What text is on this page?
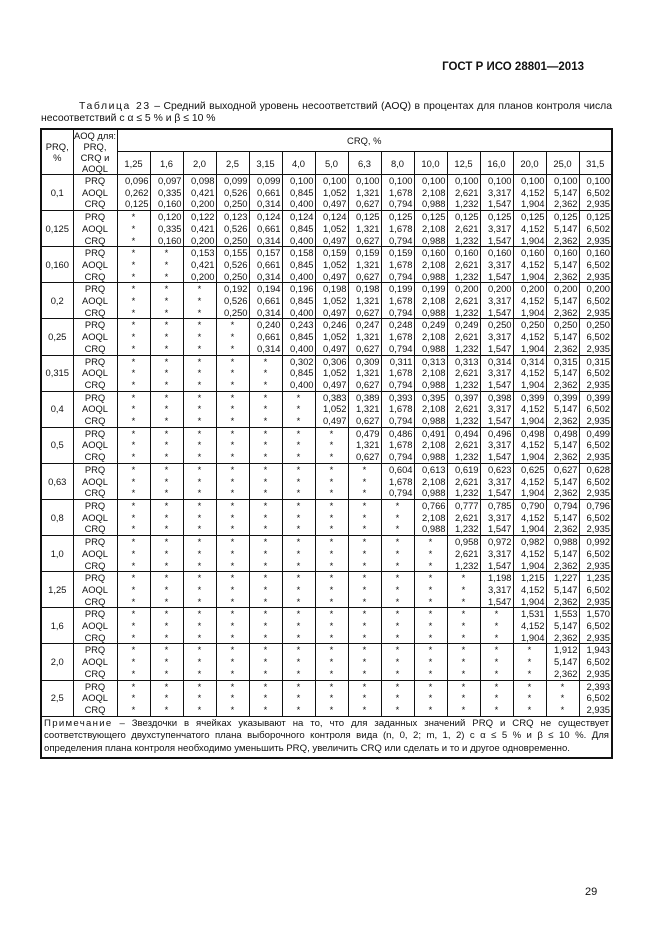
ГОСТ Р ИСО 28801—2013
Таблица 23 – Средний выходной уровень несоответствий (AOQ) в процентах для планов контроля числа несоответствий с α ≤ 5 % и β ≤ 10 %
PRQ, %	AOQ для: PRQ, CRQ и AOQL	CRQ, %														
		1,25	1,6	2,0	2,5	3,15	4,0	5,0	6,3	8,0	10,0	12,5	16,0	20,0	25,0	31,5
0,1	PRQ	0,096	0,097	0,098	0,099	0,099	0,100	0,100	0,100	0,100	0,100	0,100	0,100	0,100	0,100	0,100
	AOQL	0,262	0,335	0,421	0,526	0,661	0,845	1,052	1,321	1,678	2,108	2,621	3,317	4,152	5,147	6,502
	CRQ	0,125	0,160	0,200	0,250	0,314	0,400	0,497	0,627	0,794	0,988	1,232	1,547	1,904	2,362	2,935
0,125	PRQ	*	0,120	0,122	0,123	0,124	0,124	0,124	0,125	0,125	0,125	0,125	0,125	0,125	0,125	0,125
	AOQL	*	0,335	0,421	0,526	0,661	0,845	1,052	1,321	1,678	2,108	2,621	3,317	4,152	5,147	6,502
	CRQ	*	0,160	0,200	0,250	0,314	0,400	0,497	0,627	0,794	0,988	1,232	1,547	1,904	2,362	2,935
0,160	PRQ	*	*	0,153	0,155	0,157	0,158	0,159	0,159	0,159	0,160	0,160	0,160	0,160	0,160	0,160
	AOQL	*	*	0,421	0,526	0,661	0,845	1,052	1,321	1,678	2,108	2,621	3,317	4,152	5,147	6,502
	CRQ	*	*	0,200	0,250	0,314	0,400	0,497	0,627	0,794	0,988	1,232	1,547	1,904	2,362	2,935
0,2	PRQ	*	*	*	0,192	0,194	0,196	0,198	0,198	0,199	0,199	0,200	0,200	0,200	0,200	0,200
	AOQL	*	*	*	0,526	0,661	0,845	1,052	1,321	1,678	2,108	2,621	3,317	4,152	5,147	6,502
	CRQ	*	*	*	0,250	0,314	0,400	0,497	0,627	0,794	0,988	1,232	1,547	1,904	2,362	2,935
0,25	PRQ	*	*	*	*	0,240	0,243	0,246	0,247	0,248	0,249	0,249	0,250	0,250	0,250	0,250
	AOQL	*	*	*	*	0,661	0,845	1,052	1,321	1,678	2,108	2,621	3,317	4,152	5,147	6,502
	CRQ	*	*	*	*	0,314	0,400	0,497	0,627	0,794	0,988	1,232	1,547	1,904	2,362	2,935
0,315	PRQ	*	*	*	*	*	0,302	0,306	0,309	0,311	0,313	0,313	0,314	0,314	0,315	0,315
	AOQL	*	*	*	*	*	0,845	1,052	1,321	1,678	2,108	2,621	3,317	4,152	5,147	6,502
	CRQ	*	*	*	*	*	0,400	0,497	0,627	0,794	0,988	1,232	1,547	1,904	2,362	2,935
0,4	PRQ	*	*	*	*	*	*	0,383	0,389	0,393	0,395	0,397	0,398	0,399	0,399	0,399
	AOQL	*	*	*	*	*	*	1,052	1,321	1,678	2,108	2,621	3,317	4,152	5,147	6,502
	CRQ	*	*	*	*	*	*	0,497	0,627	0,794	0,988	1,232	1,547	1,904	2,362	2,935
0,5	PRQ	*	*	*	*	*	*	*	0,479	0,486	0,491	0,494	0,496	0,498	0,498	0,499
	AOQL	*	*	*	*	*	*	*	1,321	1,678	2,108	2,621	3,317	4,152	5,147	6,502
	CRQ	*	*	*	*	*	*	*	0,627	0,794	0,988	1,232	1,547	1,904	2,362	2,935
0,63	PRQ	*	*	*	*	*	*	*	*	0,604	0,613	0,619	0,623	0,625	0,627	0,628
	AOQL	*	*	*	*	*	*	*	*	1,678	2,108	2,621	3,317	4,152	5,147	6,502
	CRQ	*	*	*	*	*	*	*	*	0,794	0,988	1,232	1,547	1,904	2,362	2,935
0,8	PRQ	*	*	*	*	*	*	*	*	*	0,766	0,777	0,785	0,790	0,794	0,796
	AOQL	*	*	*	*	*	*	*	*	*	2,108	2,621	3,317	4,152	5,147	6,502
	CRQ	*	*	*	*	*	*	*	*	*	0,988	1,232	1,547	1,904	2,362	2,935
1,0	PRQ	*	*	*	*	*	*	*	*	*	*	0,958	0,972	0,982	0,988	0,992
	AOQL	*	*	*	*	*	*	*	*	*	*	2,621	3,317	4,152	5,147	6,502
	CRQ	*	*	*	*	*	*	*	*	*	*	1,232	1,547	1,904	2,362	2,935
1,25	PRQ	*	*	*	*	*	*	*	*	*	*	*	1,198	1,215	1,227	1,235
	AOQL	*	*	*	*	*	*	*	*	*	*	*	3,317	4,152	5,147	6,502
	CRQ	*	*	*	*	*	*	*	*	*	*	*	1,547	1,904	2,362	2,935
1,6	PRQ	*	*	*	*	*	*	*	*	*	*	*	*	1,531	1,553	1,570
	AOQL	*	*	*	*	*	*	*	*	*	*	*	*	4,152	5,147	6,502
	CRQ	*	*	*	*	*	*	*	*	*	*	*	*	1,904	2,362	2,935
2,0	PRQ	*	*	*	*	*	*	*	*	*	*	*	*	*	1,912	1,943
	AOQL	*	*	*	*	*	*	*	*	*	*	*	*	*	5,147	6,502
	CRQ	*	*	*	*	*	*	*	*	*	*	*	*	*	2,362	2,935
2,5	PRQ	*	*	*	*	*	*	*	*	*	*	*	*	*	*	2,393
	AOQL	*	*	*	*	*	*	*	*	*	*	*	*	*	*	6,502
	CRQ	*	*	*	*	*	*	*	*	*	*	*	*	*	*	2,935
Примечание – Звездочки в ячейках указывают на то, что для заданных значений PRQ и CRQ не существует соответствующего двухступенчатого плана выборочного контроля вида (n, 0, 2; m, 1, 2) с α ≤ 5 % и β ≤ 10 %. Для определения плана контроля необходимо уменьшить PRQ, увеличить CRQ или сделать и то и другое одновременно.																
29
